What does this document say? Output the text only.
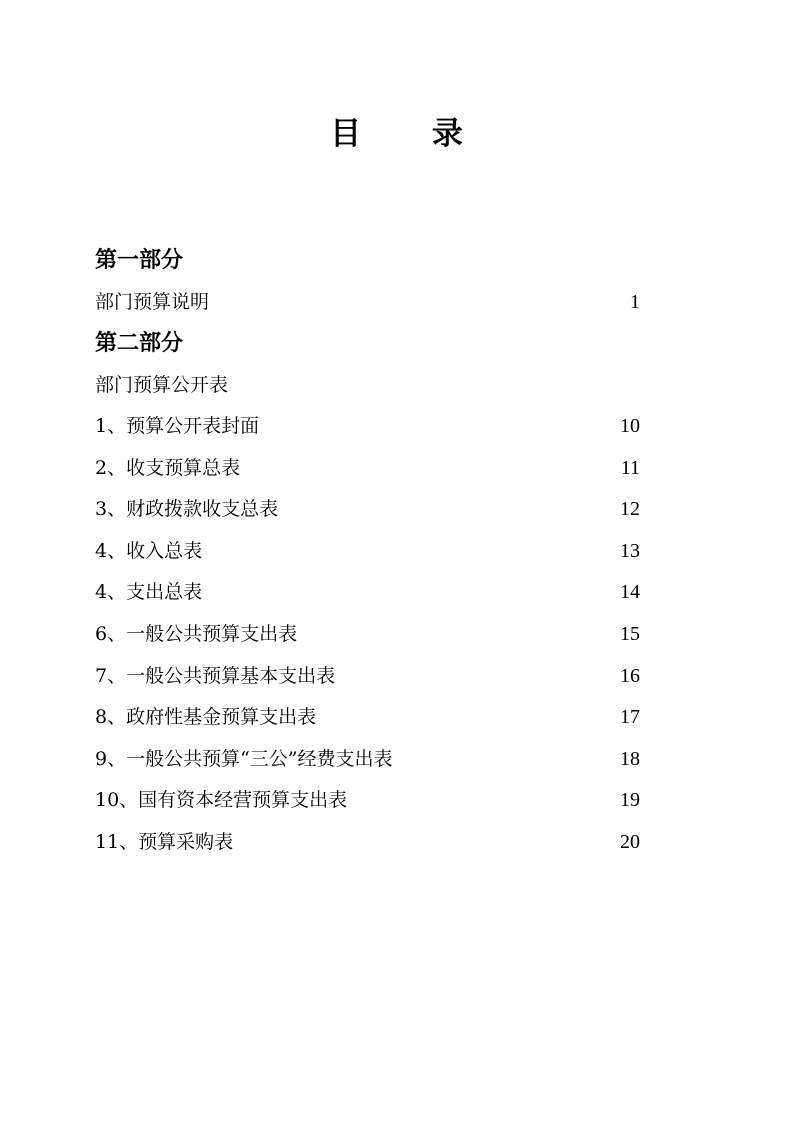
目 录
第一部分
部门预算说明	1
第二部分
部门预算公开表
1、预算公开表封面	10
2、收支预算总表	11
3、财政拨款收支总表	12
4、收入总表	13
4、支出总表	14
6、一般公共预算支出表	15
7、一般公共预算基本支出表	16
8、政府性基金预算支出表	17
9、一般公共预算“三公”经费支出表	18
10、国有资本经营预算支出表	19
11、预算采购表	20
